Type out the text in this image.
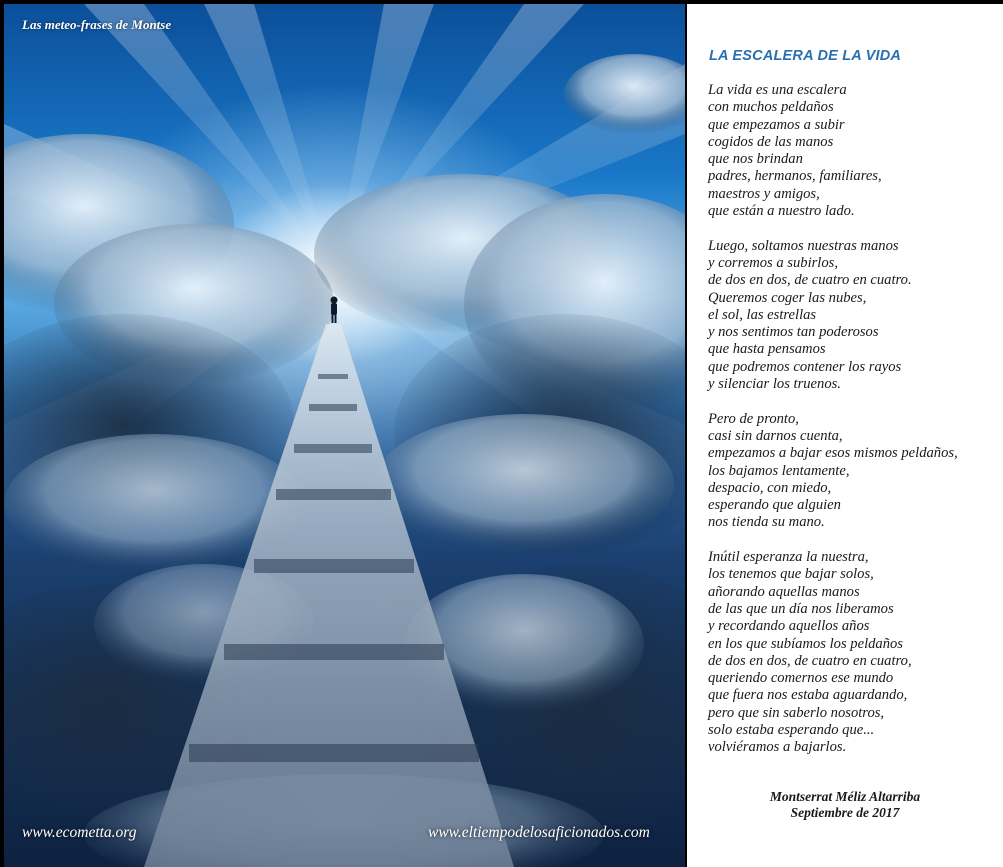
Las meteo-frases de Montse
www.ecometta.org	www.eltiempodelosaficionados.com
LA ESCALERA DE LA VIDA
La vida es una escalera
con muchos peldaños
que empezamos a subir
cogidos de las manos
que nos brindan
padres, hermanos, familiares,
maestros y amigos,
que están a nuestro lado.
Luego, soltamos nuestras manos
y corremos a subirlos,
de dos en dos, de cuatro en cuatro.
Queremos coger las nubes,
el sol, las estrellas
y nos sentimos tan poderosos
que hasta pensamos
que podremos contener los rayos
y silenciar los truenos.
Pero de pronto,
casi sin darnos cuenta,
empezamos a bajar esos mismos peldaños,
los bajamos lentamente,
despacio, con miedo,
esperando que alguien
nos tienda su mano.
Inútil esperanza la nuestra,
los tenemos que bajar solos,
añorando aquellas manos
de las que un día nos liberamos
y recordando aquellos años
en los que subíamos los peldaños
de dos en dos, de cuatro en cuatro,
queriendo comernos ese mundo
que fuera nos estaba aguardando,
pero que sin saberlo nosotros,
solo estaba esperando que...
volviéramos a bajarlos.
Montserrat Méliz Altarriba
Septiembre de 2017
